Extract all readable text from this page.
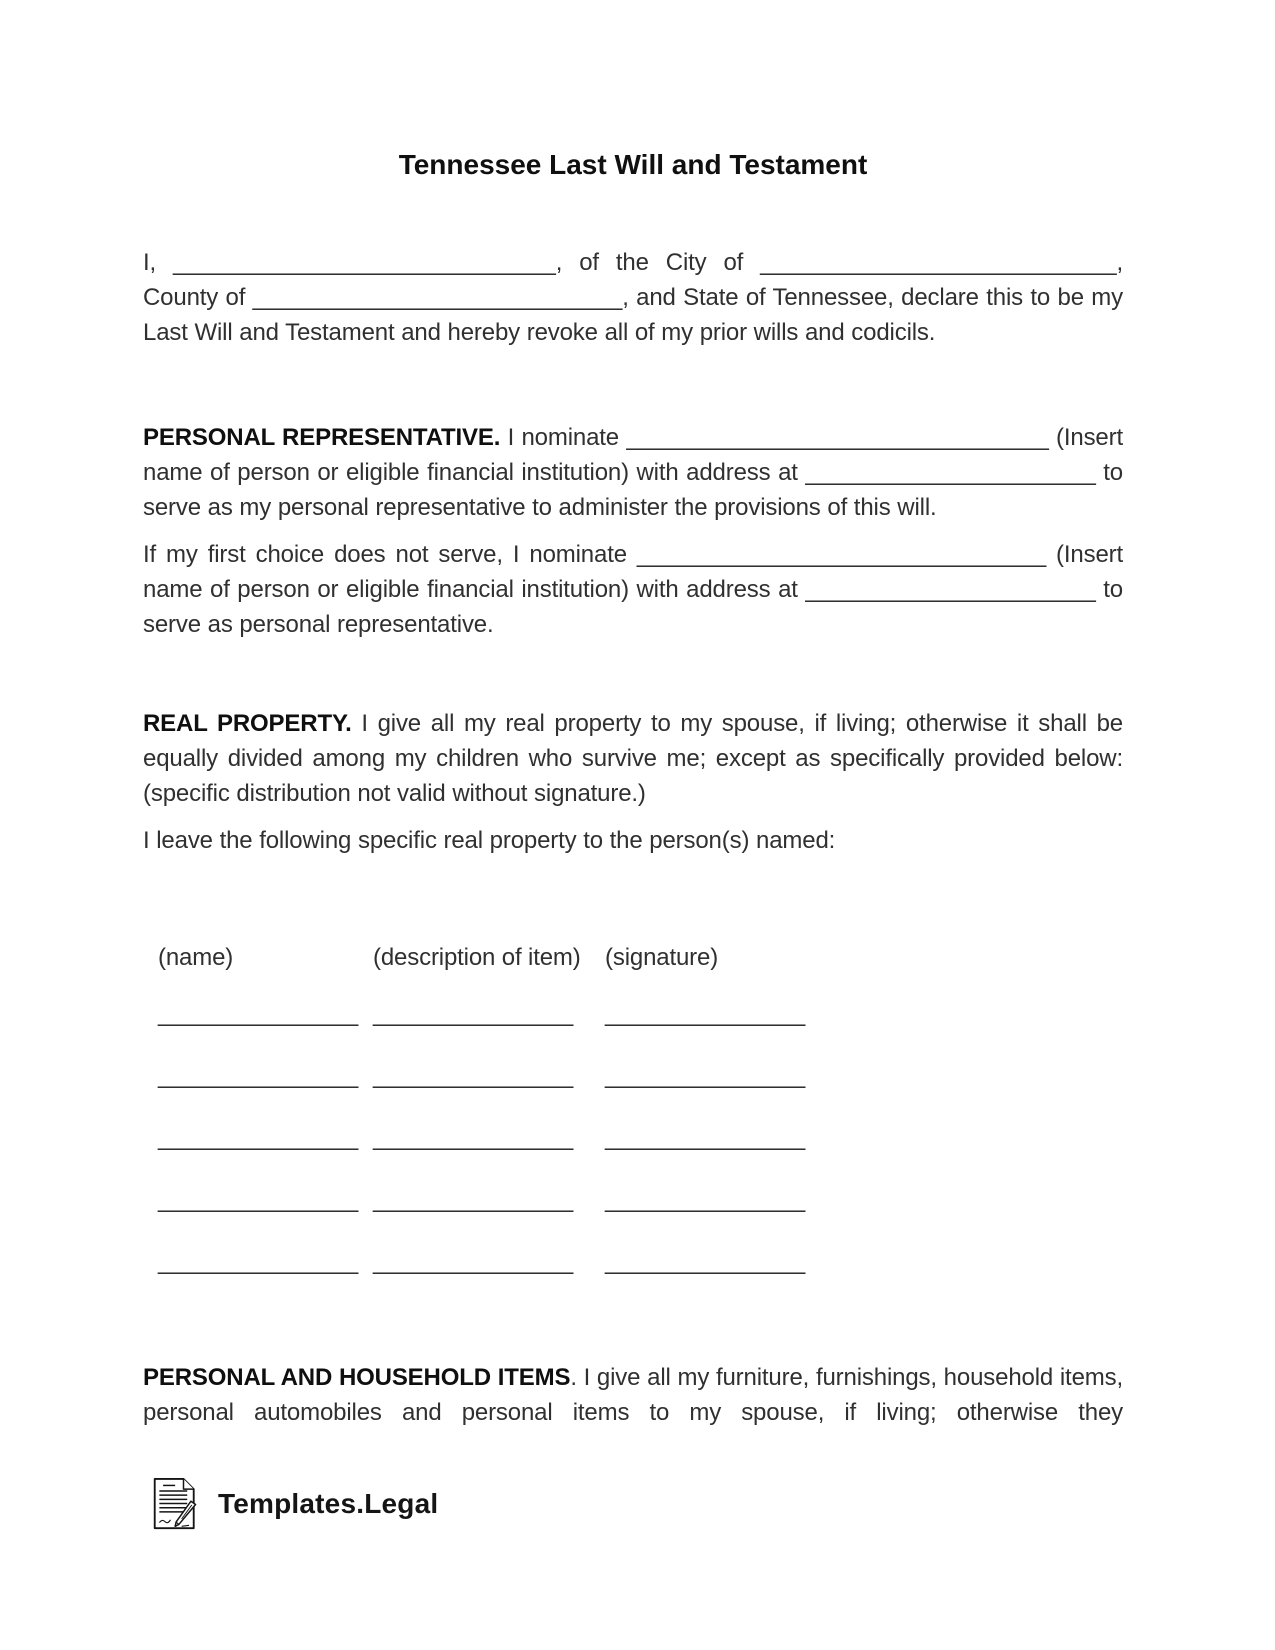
Tennessee Last Will and Testament
I, _____________________________, of the City of ___________________________, County of ____________________________, and State of Tennessee, declare this to be my Last Will and Testament and hereby revoke all of my prior wills and codicils.
PERSONAL REPRESENTATIVE. I nominate ________________________________ (Insert name of person or eligible financial institution) with address at ______________________ to serve as my personal representative to administer the provisions of this will.
If my first choice does not serve, I nominate _______________________________ (Insert name of person or eligible financial institution) with address at ______________________ to serve as personal representative.
REAL PROPERTY. I give all my real property to my spouse, if living; otherwise it shall be equally divided among my children who survive me; except as specifically provided below: (specific distribution not valid without signature.)
I leave the following specific real property to the person(s) named:
(name)	(description of item) (signature)
_______________ _______________ _______________
_______________ _______________ _______________
_______________ _______________ _______________
_______________ _______________ _______________
_______________ _______________ _______________
PERSONAL AND HOUSEHOLD ITEMS. I give all my furniture, furnishings, household items, personal automobiles and personal items to my spouse, if living; otherwise they
Templates.Legal
